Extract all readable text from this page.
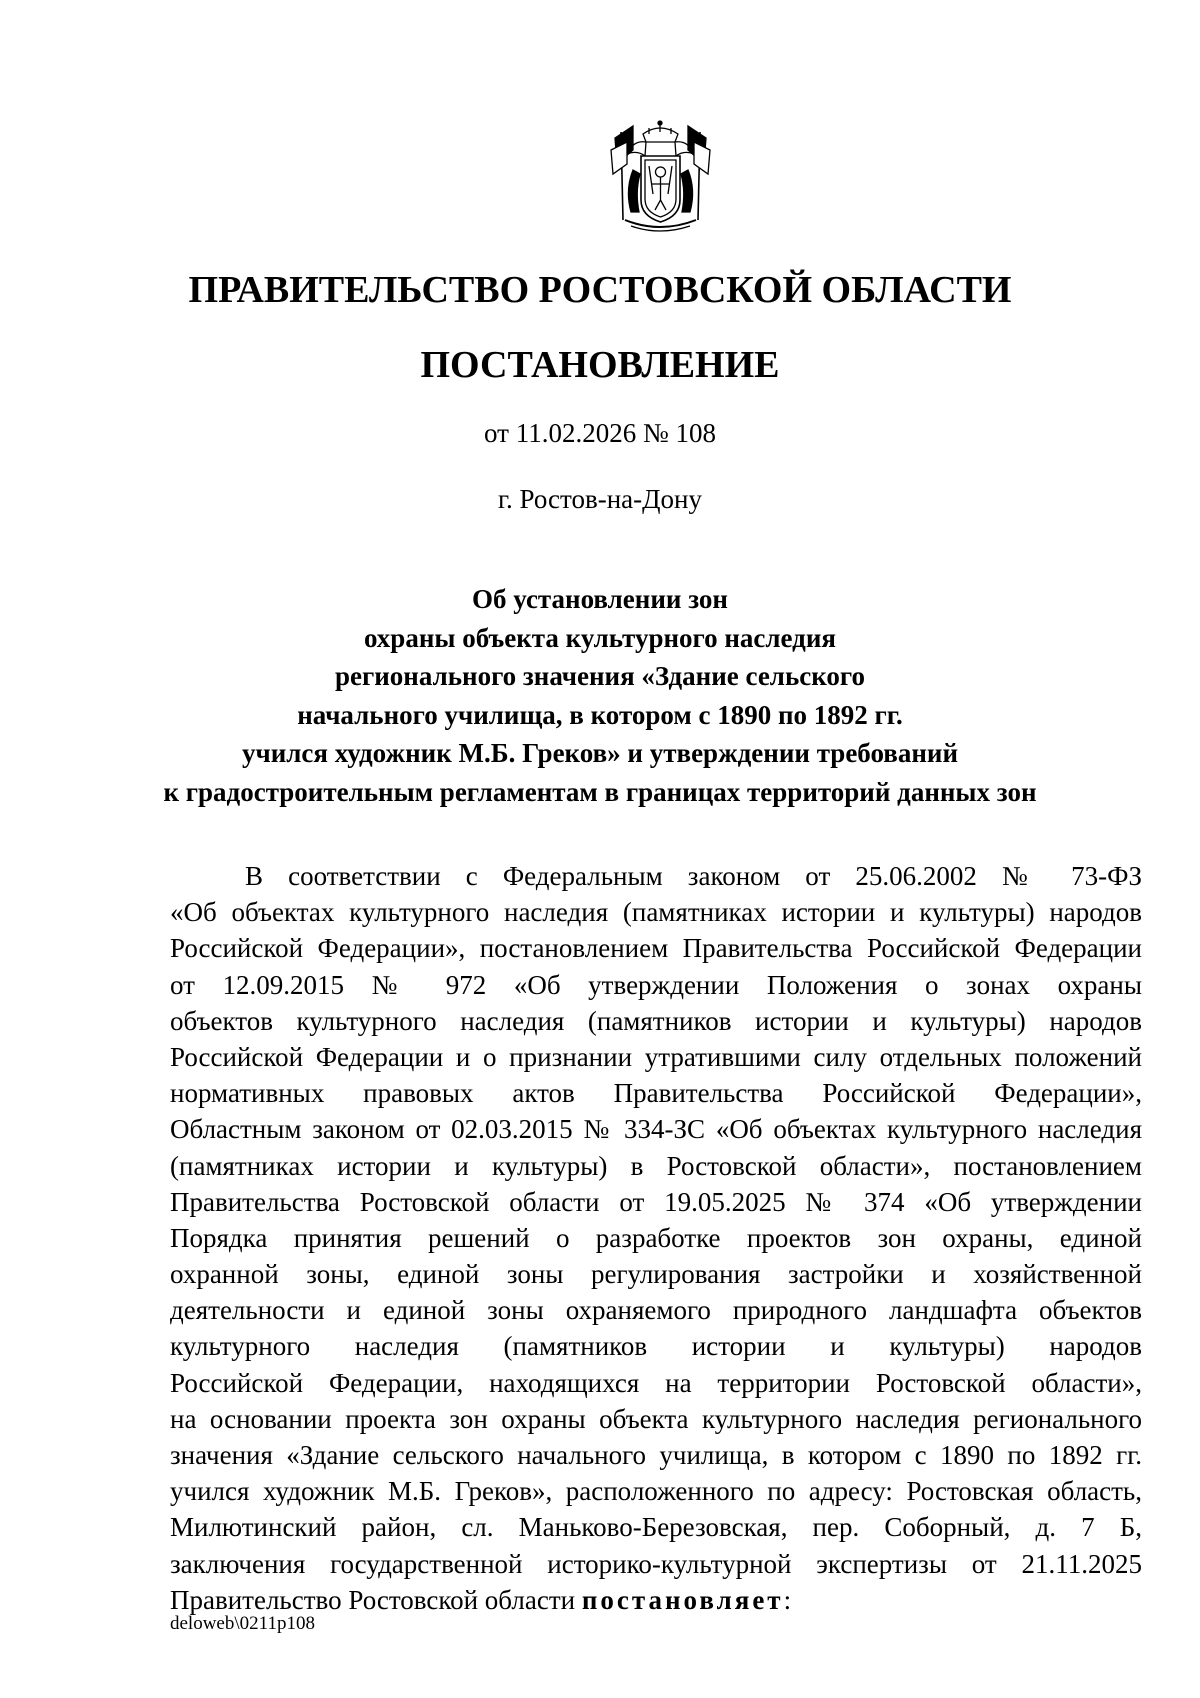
ПРАВИТЕЛЬСТВО РОСТОВСКОЙ ОБЛАСТИ
ПОСТАНОВЛЕНИЕ
от 11.02.2026 № 108
г. Ростов-на-Дону
Об установлении зон
охраны объекта культурного наследия
регионального значения «Здание сельского
начального училища, в котором с 1890 по 1892 гг.
учился художник М.Б. Греков» и утверждении требований
к градостроительным регламентам в границах территорий данных зон
В соответствии с Федеральным законом от 25.06.2002 № 73-ФЗ
«Об объектах культурного наследия (памятниках истории и культуры) народов
Российской Федерации», постановлением Правительства Российской Федерации
от 12.09.2015 № 972 «Об утверждении Положения о зонах охраны
объектов культурного наследия (памятников истории и культуры) народов
Российской Федерации и о признании утратившими силу отдельных положений
нормативных правовых актов Правительства Российской Федерации»,
Областным законом от 02.03.2015 № 334-ЗС «Об объектах культурного наследия
(памятниках истории и культуры) в Ростовской области», постановлением
Правительства Ростовской области от 19.05.2025 № 374 «Об утверждении
Порядка принятия решений о разработке проектов зон охраны, единой
охранной зоны, единой зоны регулирования застройки и хозяйственной
деятельности и единой зоны охраняемого природного ландшафта объектов
культурного наследия (памятников истории и культуры) народов
Российской Федерации, находящихся на территории Ростовской области»,
на основании проекта зон охраны объекта культурного наследия регионального
значения «Здание сельского начального училища, в котором с 1890 по 1892 гг.
учился художник М.Б. Греков», расположенного по адресу: Ростовская область,
Милютинский район, сл. Маньково-Березовская, пер. Соборный, д. 7 Б,
заключения государственной историко-культурной экспертизы от 21.11.2025
Правительство Ростовской области постановляет:
deloweb\0211p108
